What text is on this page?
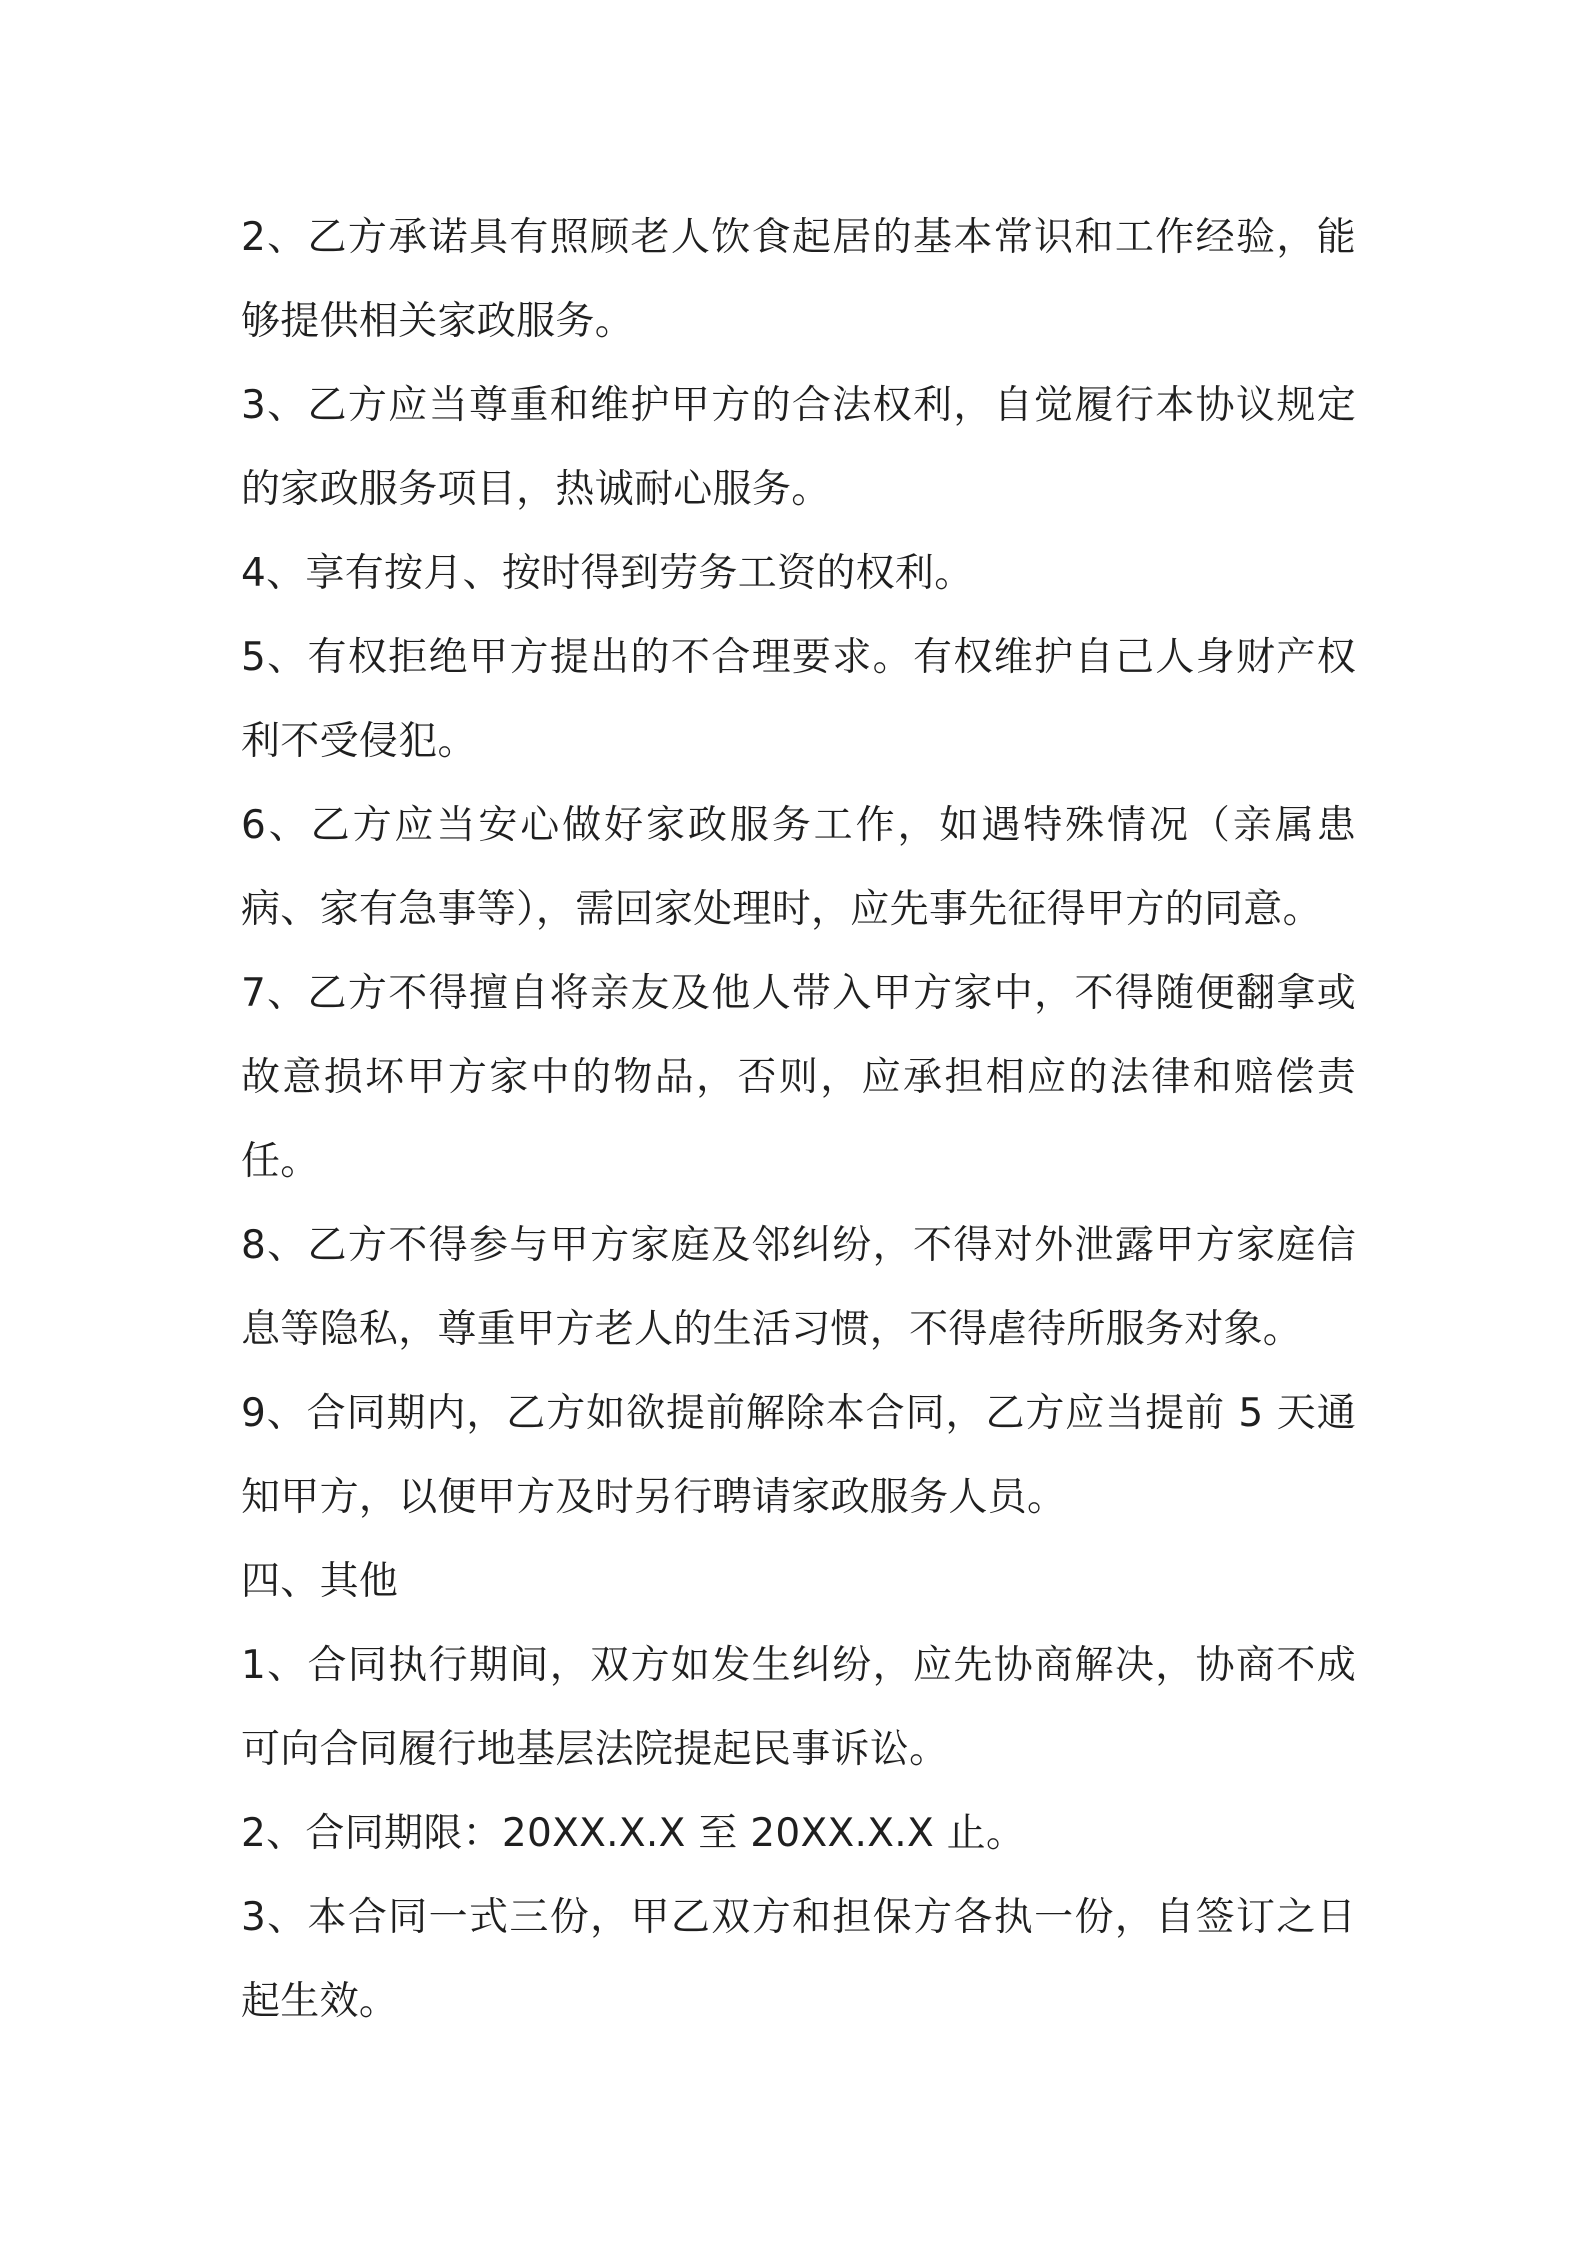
2、乙方承诺具有照顾老人饮食起居的基本常识和工作经验，能够提供相关家政服务。

3、乙方应当尊重和维护甲方的合法权利，自觉履行本协议规定的家政服务项目，热诚耐心服务。

4、享有按月、按时得到劳务工资的权利。

5、有权拒绝甲方提出的不合理要求。有权维护自己人身财产权利不受侵犯。

6、乙方应当安心做好家政服务工作，如遇特殊情况（亲属患病、家有急事等），需回家处理时，应先事先征得甲方的同意。

7、乙方不得擅自将亲友及他人带入甲方家中，不得随便翻拿或故意损坏甲方家中的物品，否则，应承担相应的法律和赔偿责任。

8、乙方不得参与甲方家庭及邻纠纷，不得对外泄露甲方家庭信息等隐私，尊重甲方老人的生活习惯，不得虐待所服务对象。

9、合同期内，乙方如欲提前解除本合同，乙方应当提前 5 天通知甲方，以便甲方及时另行聘请家政服务人员。

四、其他

1、合同执行期间，双方如发生纠纷，应先协商解决，协商不成可向合同履行地基层法院提起民事诉讼。

2、合同期限：20XX.X.X 至 20XX.X.X 止。

3、本合同一式三份，甲乙双方和担保方各执一份，自签订之日起生效。
